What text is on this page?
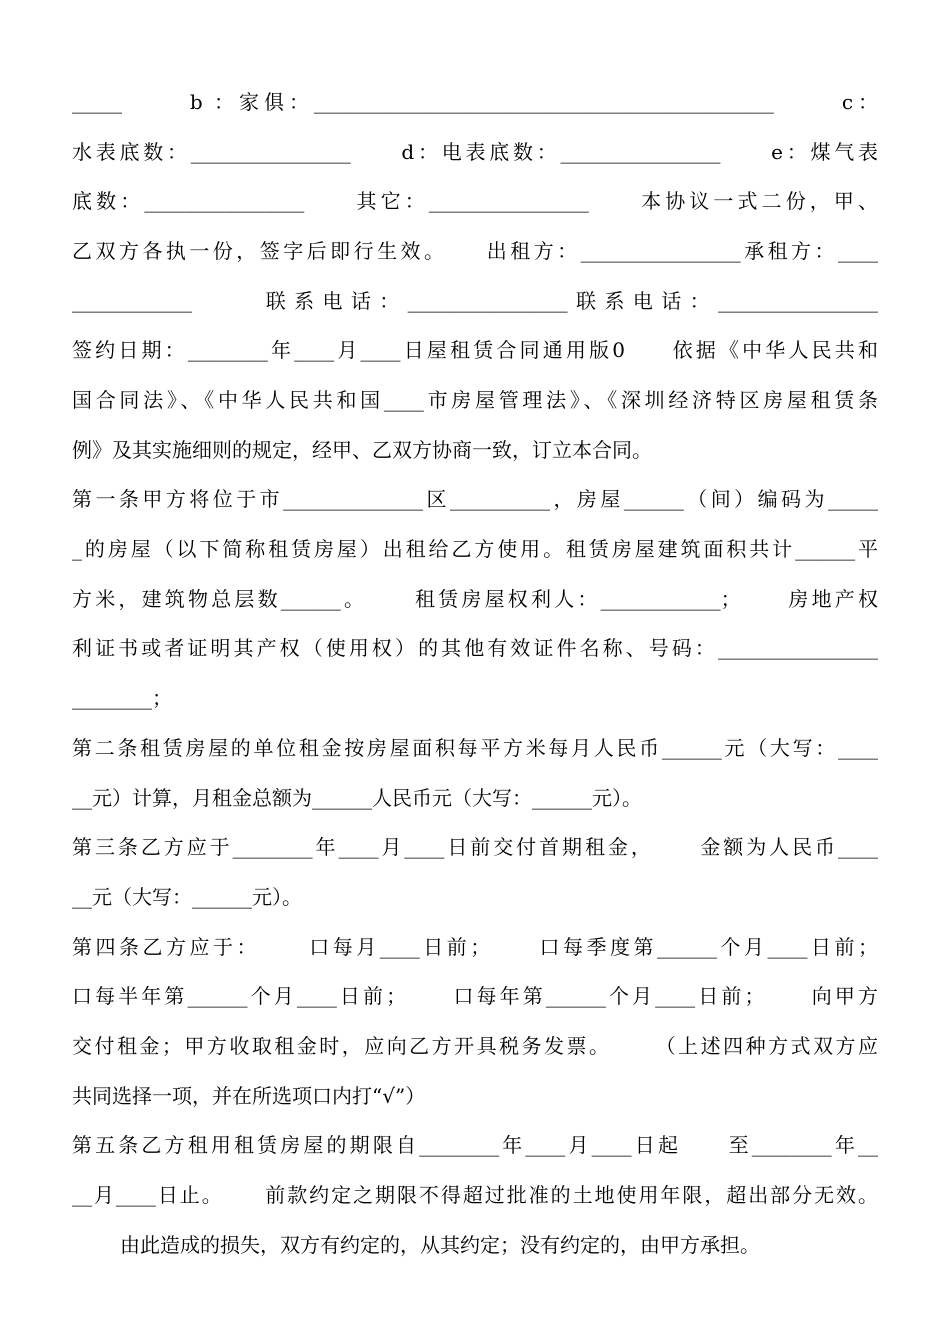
_____      b ：家俱：______________________________________________      c：
水表底数：________________     d：电表底数：________________     e：煤气表
底数：________________     其它：________________     本协议一式二份，甲、
乙双方各执一份，签字后即行生效。    出租方：________________承租方：____
____________     联系电话：________________联系电话：________________
签约日期：________年____月____日屋租赁合同通用版0     依据《中华人民共和
国合同法》、《中华人民共和国____市房屋管理法》、《深圳经济特区房屋租赁条
例》及其实施细则的规定，经甲、乙双方协商一致，订立本合同。
第一条甲方将位于市______________区__________，房屋______（间）编码为_____
_的房屋（以下简称租赁房屋）出租给乙方使用。租赁房屋建筑面积共计______平
方米，建筑物总层数______。     租赁房屋权利人：____________；     房地产权
利证书或者证明其产权（使用权）的其他有效证件名称、号码：________________
________；
第二条租赁房屋的单位租金按房屋面积每平方米每月人民币______元（大写：____
__元）计算，月租金总额为______人民币元（大写：______元）。
第三条乙方应于________年____月____日前交付首期租金，     金额为人民币____
__元（大写：______元）。
第四条乙方应于：     口每月____日前；     口每季度第______个月____日前；
口每半年第______个月____日前；     口每年第______个月____日前；     向甲方
交付租金；甲方收取租金时，应向乙方开具税务发票。     （上述四种方式双方应
共同选择一项，并在所选项口内打“√”）
第五条乙方租用租赁房屋的期限自________年____月____日起     至________年__
__月____日止。     前款约定之期限不得超过批准的土地使用年限，超出部分无效。
由此造成的损失，双方有约定的，从其约定；没有约定的，由甲方承担。
